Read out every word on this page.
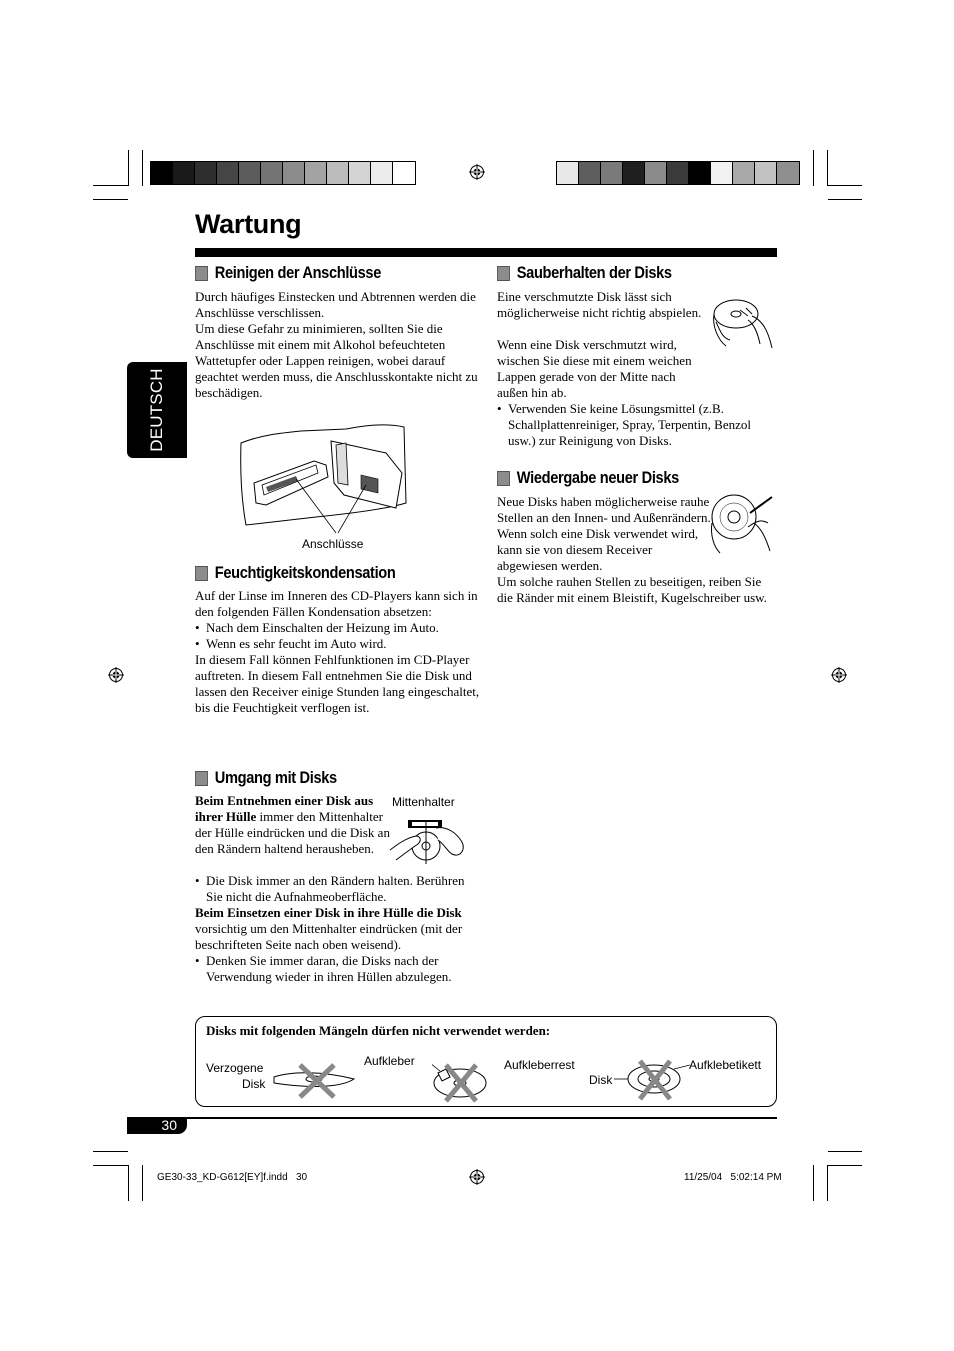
Wartung
DEUTSCH
Reinigen der Anschlüsse
Durch häufiges Einstecken und Abtrennen werden die Anschlüsse verschlissen.
Um diese Gefahr zu minimieren, sollten Sie die Anschlüsse mit einem mit Alkohol befeuchteten Wattetupfer oder Lappen reinigen, wobei darauf geachtet werden muss, die Anschlusskontakte nicht zu beschädigen.
Anschlüsse
Feuchtigkeitskondensation
Auf der Linse im Inneren des CD-Players kann sich in den folgenden Fällen Kondensation absetzen:
• Nach dem Einschalten der Heizung im Auto.
• Wenn es sehr feucht im Auto wird.
In diesem Fall können Fehlfunktionen im CD-Player auftreten. In diesem Fall entnehmen Sie die Disk und lassen den Receiver einige Stunden lang eingeschaltet, bis die Feuchtigkeit verflogen ist.
Umgang mit Disks
Beim Entnehmen einer Disk aus ihrer Hülle immer den Mittenhalter der Hülle eindrücken und die Disk an den Rändern haltend herausheben.
Mittenhalter
• Die Disk immer an den Rändern halten. Berühren Sie nicht die Aufnahmeoberfläche.
Beim Einsetzen einer Disk in ihre Hülle die Disk vorsichtig um den Mittenhalter eindrücken (mit der beschrifteten Seite nach oben weisend).
• Denken Sie immer daran, die Disks nach der Verwendung wieder in ihren Hüllen abzulegen.
Sauberhalten der Disks
Eine verschmutzte Disk lässt sich möglicherweise nicht richtig abspielen.
Wenn eine Disk verschmutzt wird, wischen Sie diese mit einem weichen Lappen gerade von der Mitte nach außen hin ab.
• Verwenden Sie keine Lösungsmittel (z.B. Schallplattenreiniger, Spray, Terpentin, Benzol usw.) zur Reinigung von Disks.
Wiedergabe neuer Disks
Neue Disks haben möglicherweise rauhe Stellen an den Innen- und Außenrändern. Wenn solch eine Disk verwendet wird, kann sie von diesem Receiver abgewiesen werden.
Um solche rauhen Stellen zu beseitigen, reiben Sie die Ränder mit einem Bleistift, Kugelschreiber usw.
Disks mit folgenden Mängeln dürfen nicht verwendet werden:
Verzogene
Disk
Aufkleber	Aufkleberrest
Disk
Aufklebetikett
30
GE30-33_KD-G612[EY]f.indd   30	11/25/04   5:02:14 PM
